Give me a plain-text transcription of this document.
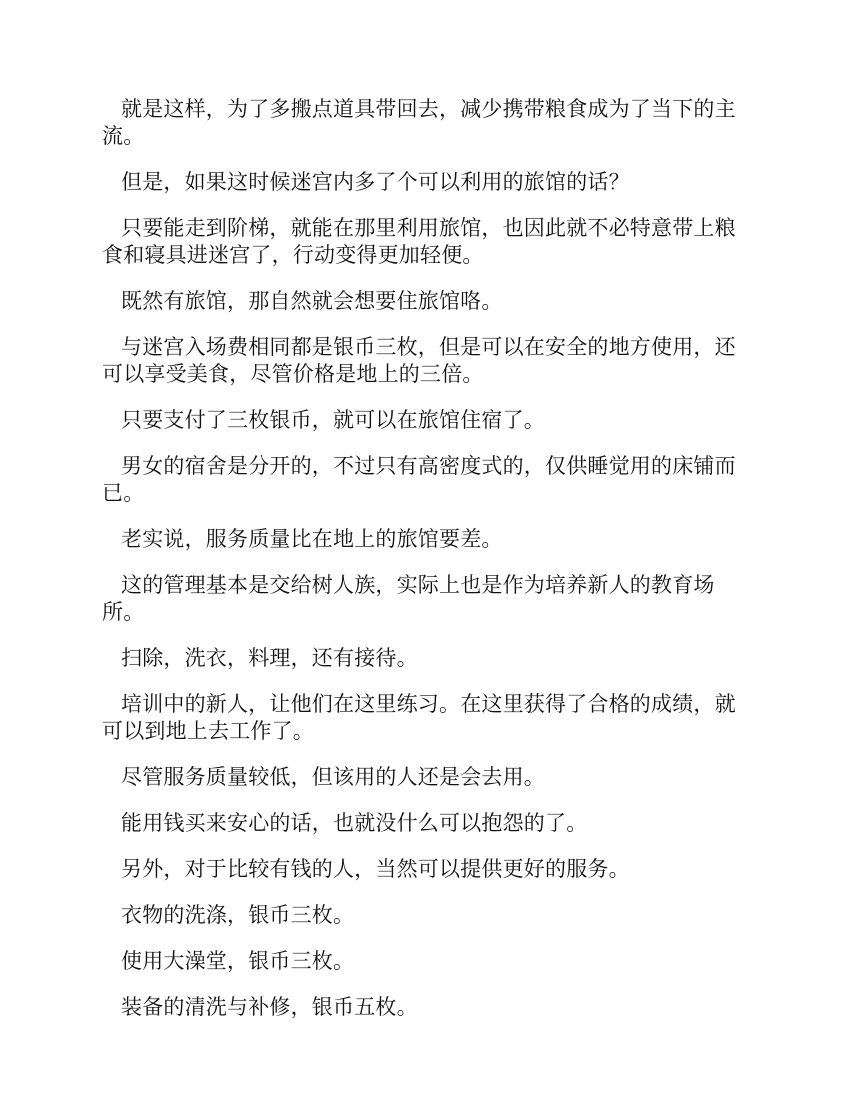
就是这样，为了多搬点道具带回去，减少携带粮食成为了当下的主流。

但是，如果这时候迷宫内多了个可以利用的旅馆的话？

只要能走到阶梯，就能在那里利用旅馆，也因此就不必特意带上粮食和寝具进迷宫了，行动变得更加轻便。

既然有旅馆，那自然就会想要住旅馆咯。

与迷宫入场费相同都是银币三枚，但是可以在安全的地方使用，还可以享受美食，尽管价格是地上的三倍。

只要支付了三枚银币，就可以在旅馆住宿了。

男女的宿舍是分开的，不过只有高密度式的，仅供睡觉用的床铺而已。

老实说，服务质量比在地上的旅馆要差。

这的管理基本是交给树人族，实际上也是作为培养新人的教育场所。

扫除，洗衣，料理，还有接待。

培训中的新人，让他们在这里练习。在这里获得了合格的成绩，就可以到地上去工作了。

尽管服务质量较低，但该用的人还是会去用。

能用钱买来安心的话，也就没什么可以抱怨的了。

另外，对于比较有钱的人，当然可以提供更好的服务。

衣物的洗涤，银币三枚。

使用大澡堂，银币三枚。

装备的清洗与补修，银币五枚。
